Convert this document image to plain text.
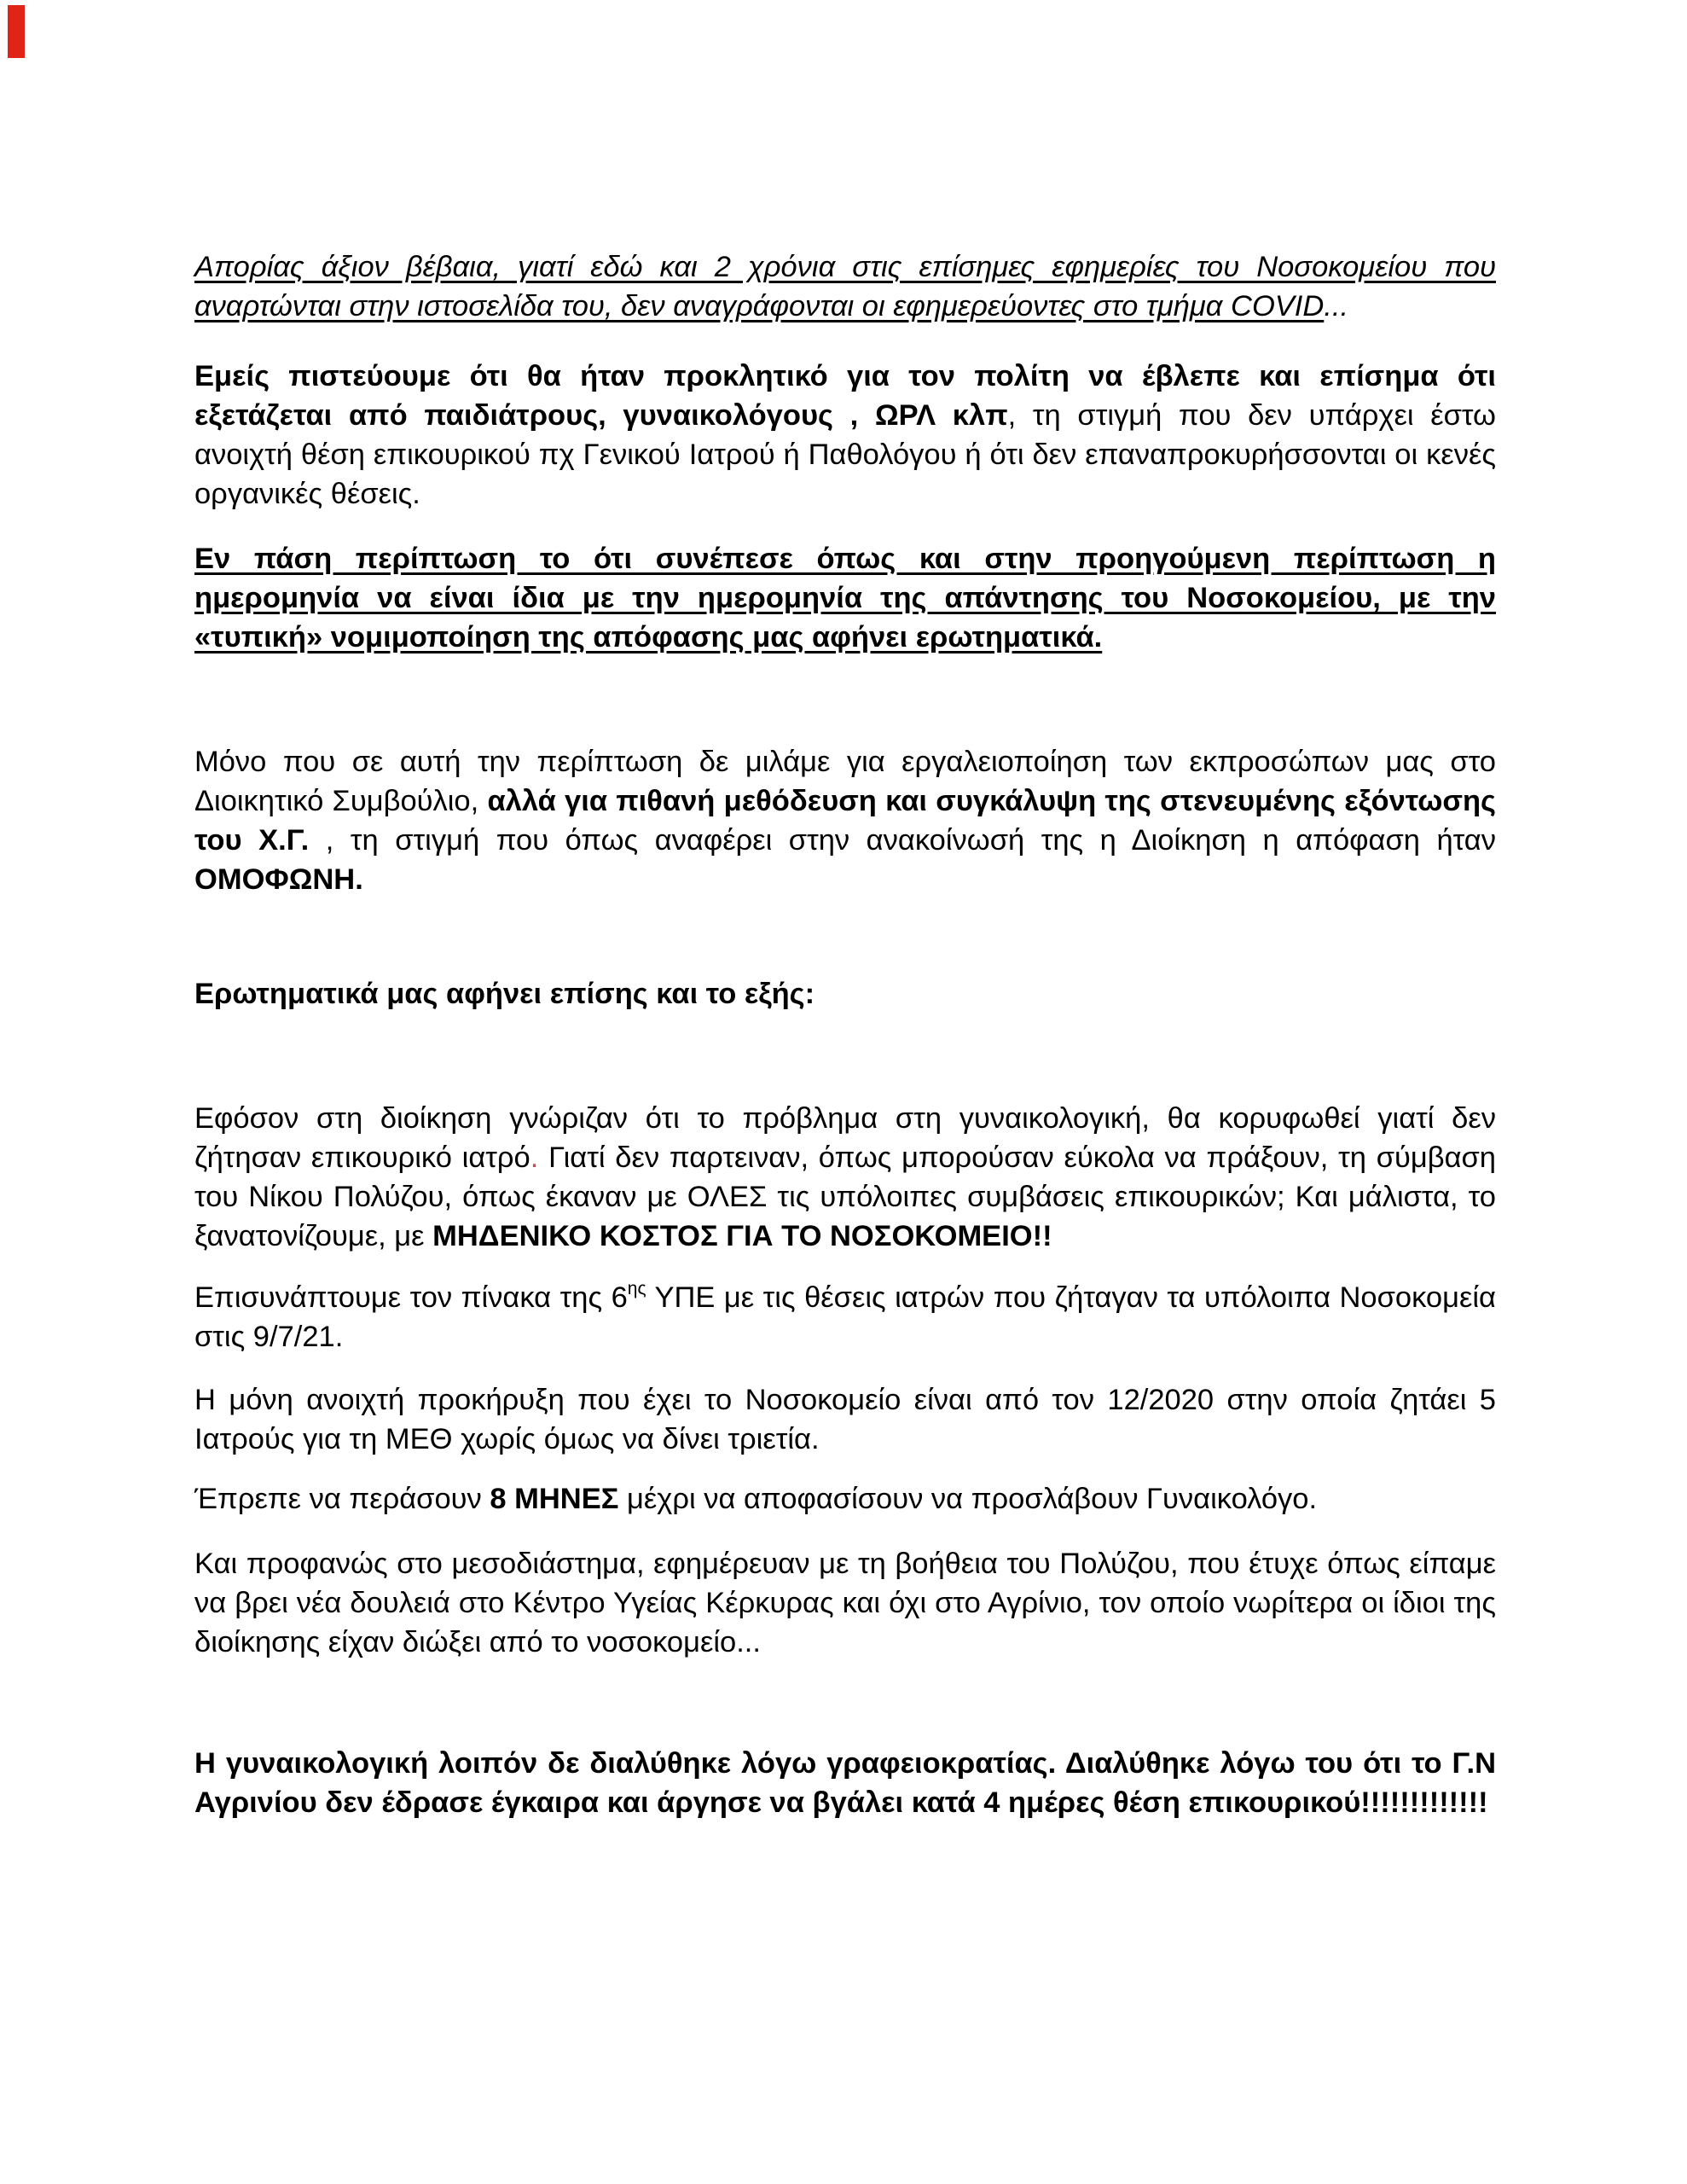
Απορίας άξιον βέβαια, γιατί εδώ και 2 χρόνια στις επίσημες εφημερίες του Νοσοκομείου που αναρτώνται στην ιστοσελίδα του, δεν αναγράφονται οι εφημερεύοντες στο τμήμα COVID...

Εμείς πιστεύουμε ότι θα ήταν προκλητικό για τον πολίτη να έβλεπε και επίσημα ότι εξετάζεται από παιδιάτρους, γυναικολόγους , ΩΡΛ κλπ, τη στιγμή που δεν υπάρχει έστω ανοιχτή θέση επικουρικού πχ Γενικού Ιατρού ή Παθολόγου ή ότι δεν επαναπροκυρήσσονται οι κενές οργανικές θέσεις.

Εν πάση περίπτωση το ότι συνέπεσε όπως και στην προηγούμενη περίπτωση η ημερομηνία να είναι ίδια με την ημερομηνία της απάντησης του Νοσοκομείου, με την «τυπική» νομιμοποίηση της απόφασης μας αφήνει ερωτηματικά.

Μόνο που σε αυτή την περίπτωση δε μιλάμε για εργαλειοποίηση των εκπροσώπων μας στο Διοικητικό Συμβούλιο, αλλά για πιθανή μεθόδευση και συγκάλυψη της στενευμένης εξόντωσης του Χ.Γ. , τη στιγμή που όπως αναφέρει στην ανακοίνωσή της η Διοίκηση η απόφαση ήταν ΟΜΟΦΩΝΗ.

Ερωτηματικά μας αφήνει επίσης και το εξής:

Εφόσον στη διοίκηση γνώριζαν ότι το πρόβλημα στη γυναικολογική, θα κορυφωθεί γιατί δεν ζήτησαν επικουρικό ιατρό. Γιατί δεν παρτειναν, όπως μπορούσαν εύκολα να πράξουν, τη σύμβαση του Νίκου Πολύζου, όπως έκαναν με ΟΛΕΣ τις υπόλοιπες συμβάσεις επικουρικών; Και μάλιστα, το ξανατονίζουμε, με ΜΗΔΕΝΙΚΟ ΚΟΣΤΟΣ ΓΙΑ ΤΟ ΝΟΣΟΚΟΜΕΙΟ!!

Επισυνάπτουμε τον πίνακα της $6^{\eta\varsigma}$ ΥΠΕ με τις θέσεις ιατρών που ζήταγαν τα υπόλοιπα Νοσοκομεία στις 9/7/21.

Η μόνη ανοιχτή προκήρυξη που έχει το Νοσοκομείο είναι από τον 12/2020 στην οποία ζητάει 5 Ιατρούς για τη ΜΕΘ χωρίς όμως να δίνει τριετία.

Έπρεπε να περάσουν 8 ΜΗΝΕΣ μέχρι να αποφασίσουν να προσλάβουν Γυναικολόγο.

Και προφανώς στο μεσοδιάστημα, εφημέρευαν με τη βοήθεια του Πολύζου, που έτυχε όπως είπαμε να βρει νέα δουλειά στο Κέντρο Υγείας Κέρκυρας και όχι στο Αγρίνιο, τον οποίο νωρίτερα οι ίδιοι της διοίκησης είχαν διώξει από το νοσοκομείο...

Η γυναικολογική λοιπόν δε διαλύθηκε λόγω γραφειοκρατίας. Διαλύθηκε λόγω του ότι το Γ.Ν Αγρινίου δεν έδρασε έγκαιρα και άργησε να βγάλει κατά 4 ημέρες θέση επικουρικού!!!!!!!!!!!!!
